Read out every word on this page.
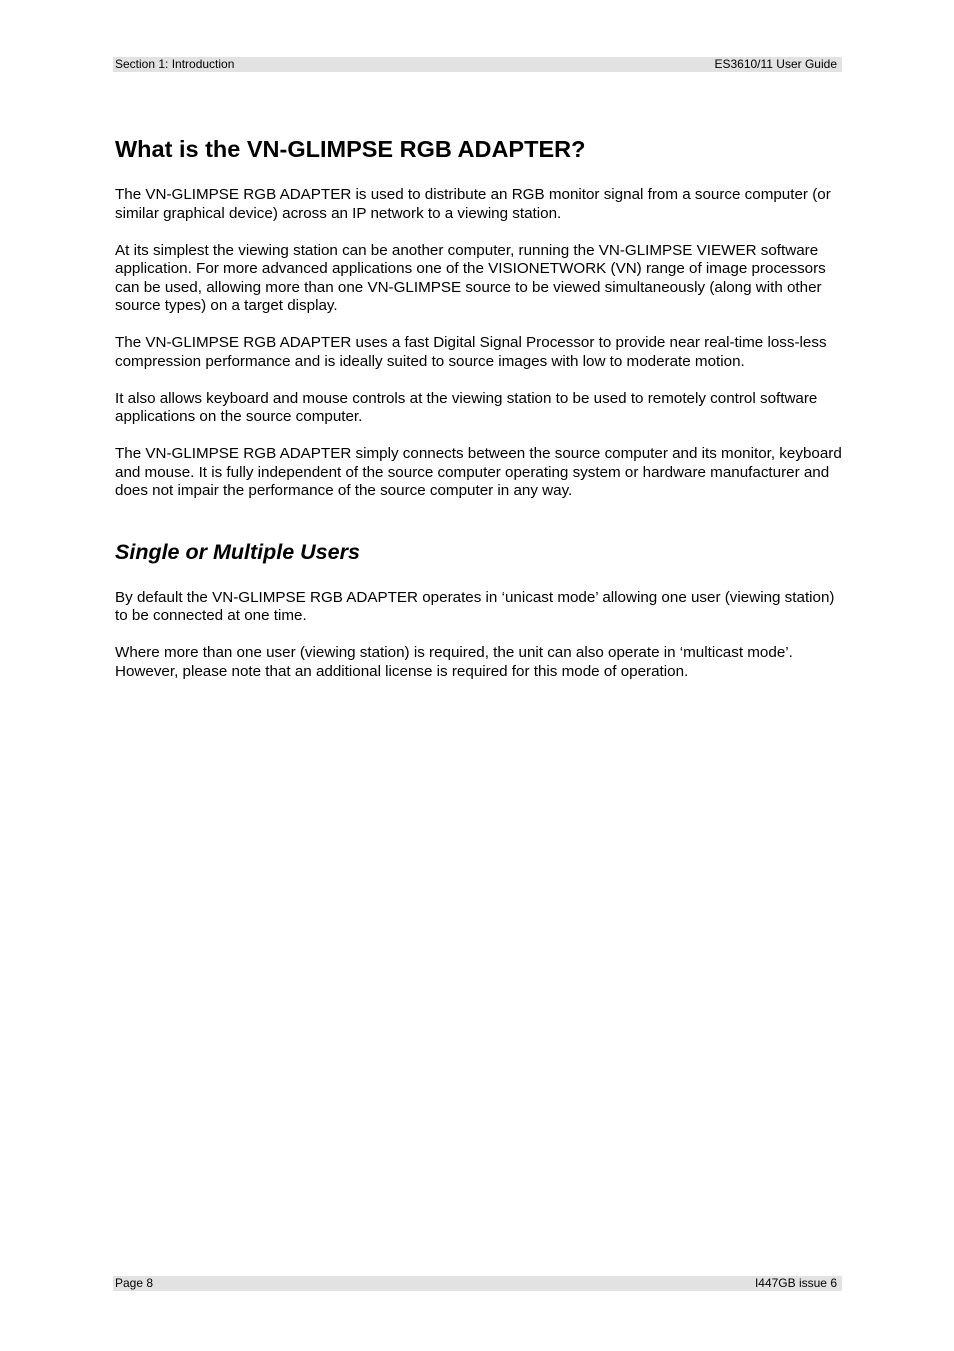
Section 1: Introduction	ES3610/11 User Guide
What is the VN-GLIMPSE RGB ADAPTER?

The VN-GLIMPSE RGB ADAPTER is used to distribute an RGB monitor signal from a source computer (or similar graphical device) across an IP network to a viewing station.

At its simplest the viewing station can be another computer, running the VN-GLIMPSE VIEWER software application. For more advanced applications one of the VISIONETWORK (VN) range of image processors can be used, allowing more than one VN-GLIMPSE source to be viewed simultaneously (along with other source types) on a target display.

The VN-GLIMPSE RGB ADAPTER uses a fast Digital Signal Processor to provide near real-time loss-less compression performance and is ideally suited to source images with low to moderate motion.

It also allows keyboard and mouse controls at the viewing station to be used to remotely control software applications on the source computer.

The VN-GLIMPSE RGB ADAPTER simply connects between the source computer and its monitor, keyboard and mouse. It is fully independent of the source computer operating system or hardware manufacturer and does not impair the performance of the source computer in any way.

Single or Multiple Users

By default the VN-GLIMPSE RGB ADAPTER operates in ‘unicast mode’ allowing one user (viewing station) to be connected at one time.

Where more than one user (viewing station) is required, the unit can also operate in ‘multicast mode’. However, please note that an additional license is required for this mode of operation.

Page 8	I447GB issue 6
